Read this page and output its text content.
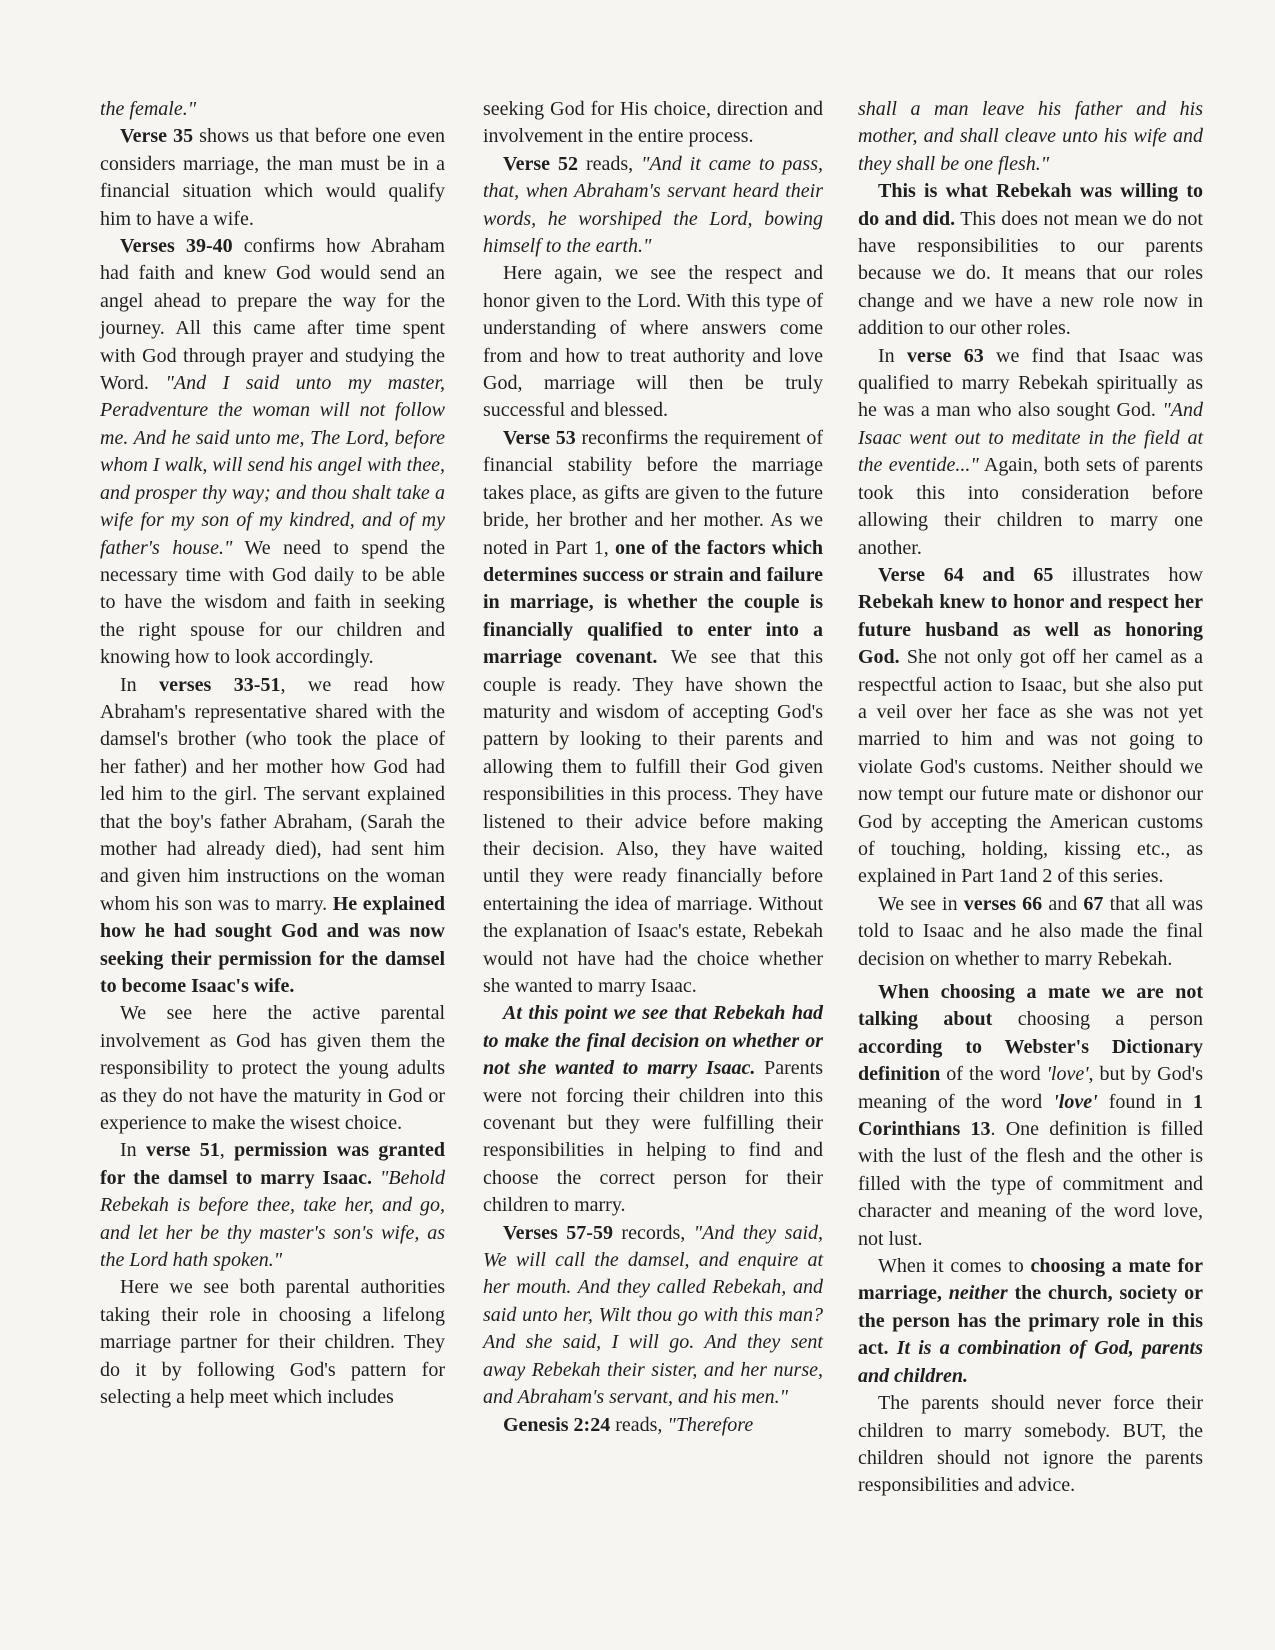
the female."

Verse 35 shows us that before one even considers marriage, the man must be in a financial situation which would qualify him to have a wife.

Verses 39-40 confirms how Abraham had faith and knew God would send an angel ahead to prepare the way for the journey. All this came after time spent with God through prayer and studying the Word. "And I said unto my master, Peradventure the woman will not follow me. And he said unto me, The Lord, before whom I walk, will send his angel with thee, and prosper thy way; and thou shalt take a wife for my son of my kindred, and of my father's house." We need to spend the necessary time with God daily to be able to have the wisdom and faith in seeking the right spouse for our children and knowing how to look accordingly.

In verses 33-51, we read how Abraham's representative shared with the damsel's brother (who took the place of her father) and her mother how God had led him to the girl. The servant explained that the boy's father Abraham, (Sarah the mother had already died), had sent him and given him instructions on the woman whom his son was to marry. He explained how he had sought God and was now seeking their permission for the damsel to become Isaac's wife.

We see here the active parental involvement as God has given them the responsibility to protect the young adults as they do not have the maturity in God or experience to make the wisest choice.

In verse 51, permission was granted for the damsel to marry Isaac. "Behold Rebekah is before thee, take her, and go, and let her be thy master's son's wife, as the Lord hath spoken."

Here we see both parental authorities taking their role in choosing a lifelong marriage partner for their children. They do it by following God's pattern for selecting a help meet which includes

seeking God for His choice, direction and involvement in the entire process.

Verse 52 reads, "And it came to pass, that, when Abraham's servant heard their words, he worshiped the Lord, bowing himself to the earth."

Here again, we see the respect and honor given to the Lord. With this type of understanding of where answers come from and how to treat authority and love God, marriage will then be truly successful and blessed.

Verse 53 reconfirms the requirement of financial stability before the marriage takes place, as gifts are given to the future bride, her brother and her mother. As we noted in Part 1, one of the factors which determines success or strain and failure in marriage, is whether the couple is financially qualified to enter into a marriage covenant. We see that this couple is ready. They have shown the maturity and wisdom of accepting God's pattern by looking to their parents and allowing them to fulfill their God given responsibilities in this process. They have listened to their advice before making their decision. Also, they have waited until they were ready financially before entertaining the idea of marriage. Without the explanation of Isaac's estate, Rebekah would not have had the choice whether she wanted to marry Isaac.

At this point we see that Rebekah had to make the final decision on whether or not she wanted to marry Isaac. Parents were not forcing their children into this covenant but they were fulfilling their responsibilities in helping to find and choose the correct person for their children to marry.

Verses 57-59 records, "And they said, We will call the damsel, and enquire at her mouth. And they called Rebekah, and said unto her, Wilt thou go with this man? And she said, I will go. And they sent away Rebekah their sister, and her nurse, and Abraham's servant, and his men."

Genesis 2:24 reads, "Therefore

shall a man leave his father and his mother, and shall cleave unto his wife and they shall be one flesh."

This is what Rebekah was willing to do and did. This does not mean we do not have responsibilities to our parents because we do. It means that our roles change and we have a new role now in addition to our other roles.

In verse 63 we find that Isaac was qualified to marry Rebekah spiritually as he was a man who also sought God. "And Isaac went out to meditate in the field at the eventide..." Again, both sets of parents took this into consideration before allowing their children to marry one another.

Verse 64 and 65 illustrates how Rebekah knew to honor and respect her future husband as well as honoring God. She not only got off her camel as a respectful action to Isaac, but she also put a veil over her face as she was not yet married to him and was not going to violate God's customs. Neither should we now tempt our future mate or dishonor our God by accepting the American customs of touching, holding, kissing etc., as explained in Part 1and 2 of this series.

We see in verses 66 and 67 that all was told to Isaac and he also made the final decision on whether to marry Rebekah.

When choosing a mate we are not talking about choosing a person according to Webster's Dictionary definition of the word 'love', but by God's meaning of the word 'love' found in 1 Corinthians 13. One definition is filled with the lust of the flesh and the other is filled with the type of commitment and character and meaning of the word love, not lust.

When it comes to choosing a mate for marriage, neither the church, society or the person has the primary role in this act. It is a combination of God, parents and children.

The parents should never force their children to marry somebody. BUT, the children should not ignore the parents responsibilities and advice.
